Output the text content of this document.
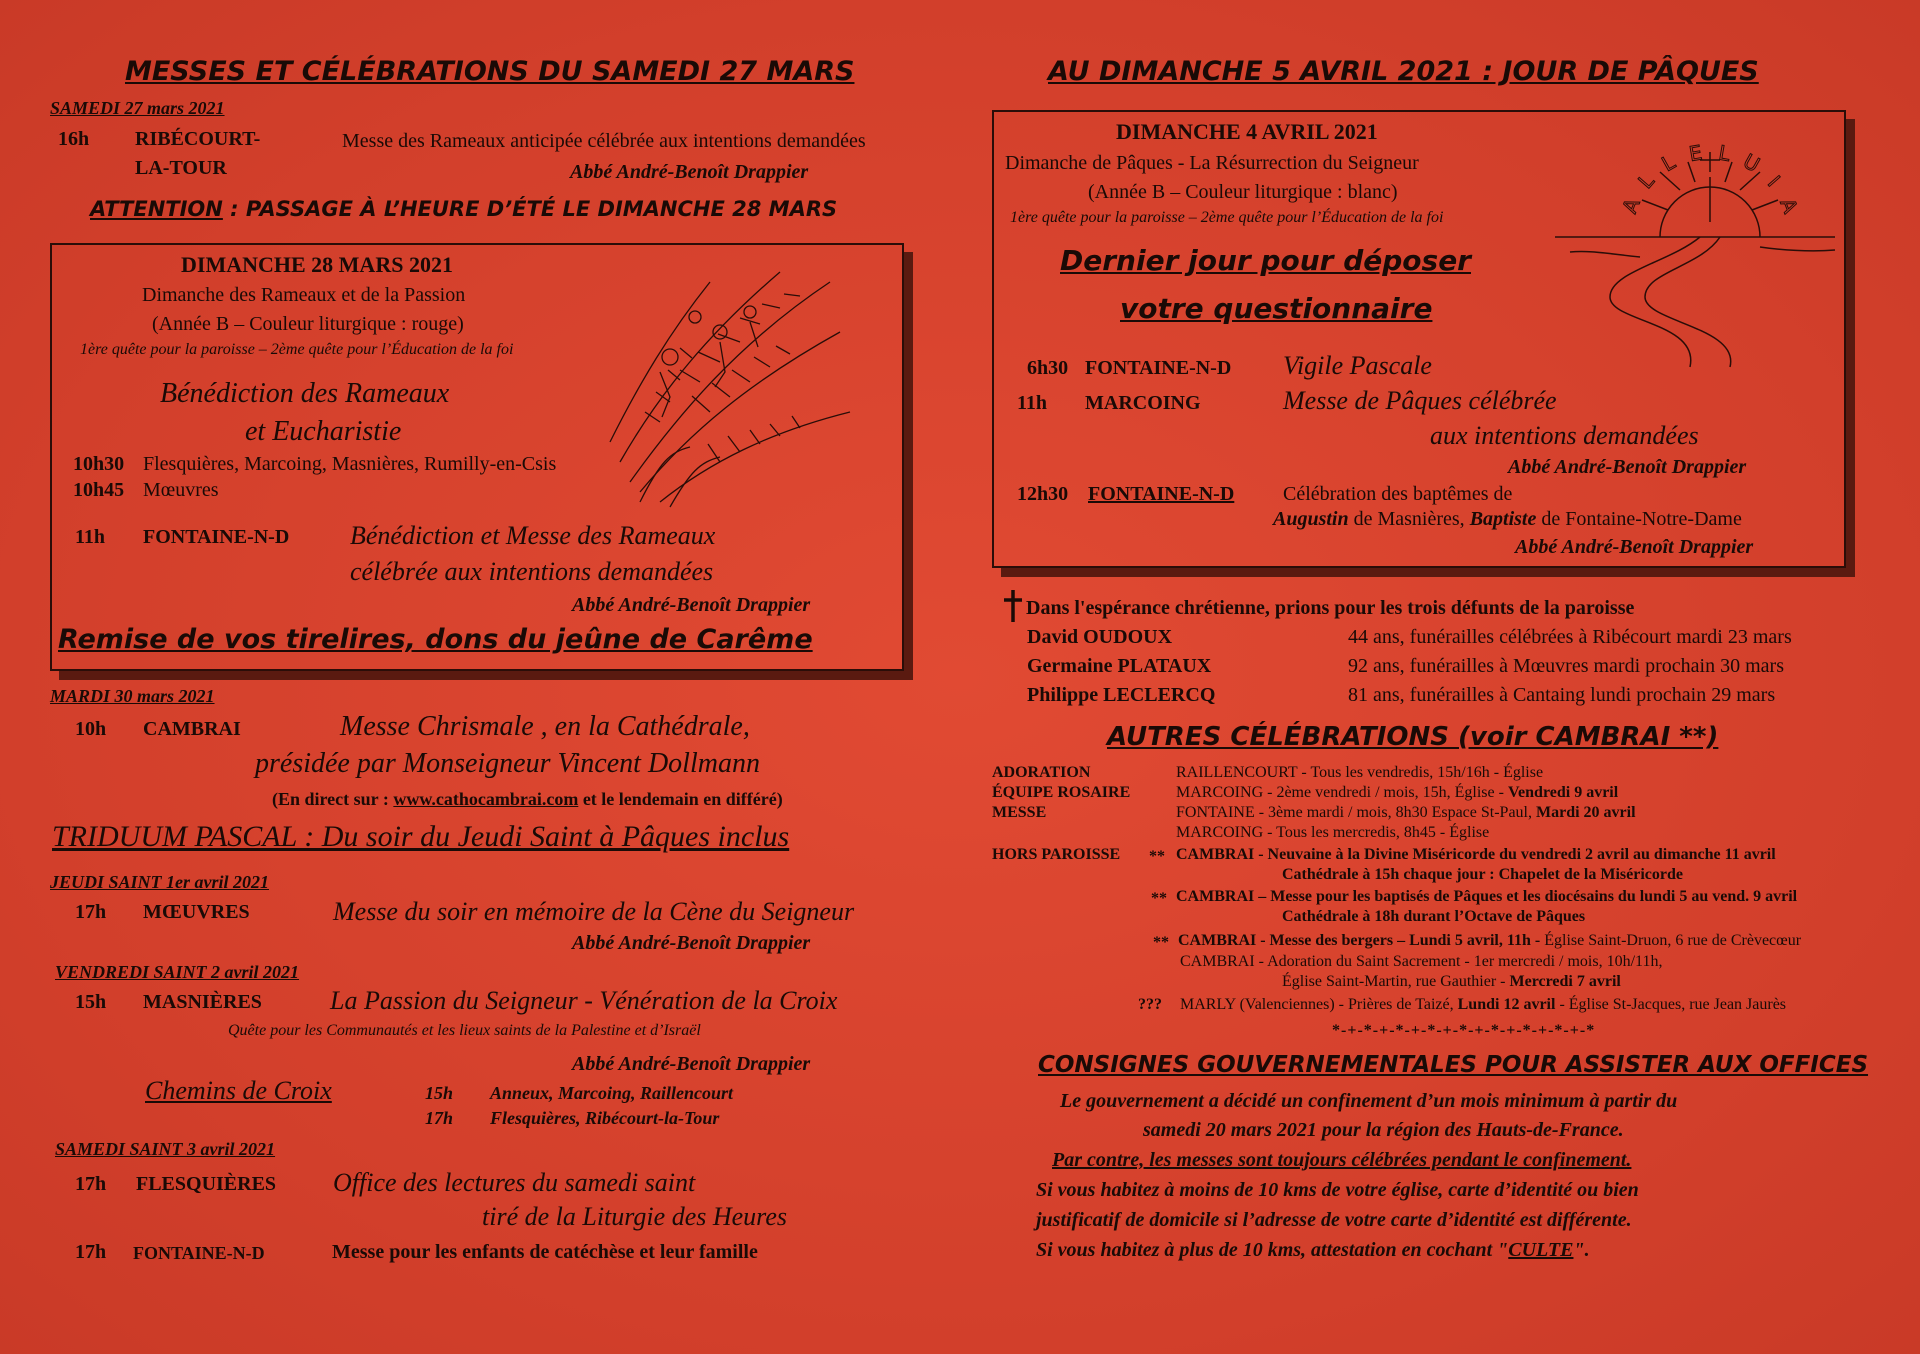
MESSES ET CÉLÉBRATIONS DU SAMEDI 27 MARS
SAMEDI 27 mars 2021
16h RIBÉCOURT-
LA-TOUR
Messe des Rameaux anticipée célébrée aux intentions demandées
Abbé André-Benoît Drappier
ATTENTION : PASSAGE À L’HEURE D’ÉTÉ LE DIMANCHE 28 MARS
DIMANCHE 28 MARS 2021
Dimanche des Rameaux et de la Passion
(Année B – Couleur liturgique : rouge)
1ère quête pour la paroisse – 2ème quête pour l’Éducation de la foi
Bénédiction des Rameaux
et Eucharistie
10h30 Flesquières, Marcoing, Masnières, Rumilly-en-Csis
10h45 Mœuvres
11h FONTAINE-N-D Bénédiction et Messe des Rameaux
célébrée aux intentions demandées
Abbé André-Benoît Drappier
Remise de vos tirelires, dons du jeûne de Carême
MARDI 30 mars 2021
10h CAMBRAI	Messe Chrismale , en la Cathédrale,
présidée par Monseigneur Vincent Dollmann
(En direct sur : www.cathocambrai.com et le lendemain en différé)
TRIDUUM PASCAL : Du soir du Jeudi Saint à Pâques inclus
JEUDI SAINT 1er avril 2021
17h MŒUVRES	Messe du soir en mémoire de la Cène du Seigneur
Abbé André-Benoît Drappier
VENDREDI SAINT 2 avril 2021
15h MASNIÈRES	La Passion du Seigneur - Vénération de la Croix
Quête pour les Communautés et les lieux saints de la Palestine et d’Israël
Abbé André-Benoît Drappier
Chemins de Croix	15h Anneux, Marcoing, Raillencourt
17h Flesquières, Ribécourt-la-Tour
SAMEDI SAINT 3 avril 2021
17h FLESQUIÈRES Office des lectures du samedi saint
tiré de la Liturgie des Heures
17h FONTAINE-N-D	Messe pour les enfants de catéchèse et leur famille
AU DIMANCHE 5 AVRIL 2021 : JOUR DE PÂQUES
DIMANCHE 4 AVRIL 2021
Dimanche de Pâques - La Résurrection du Seigneur
(Année B – Couleur liturgique : blanc)
1ère quête pour la paroisse – 2ème quête pour l’Éducation de la foi
Dernier jour pour déposer
votre questionnaire
A
L
L E L U
I
A
6h30 FONTAINE-N-D Vigile Pascale
11h MARCOING	Messe de Pâques célébrée
aux intentions demandées
Abbé André-Benoît Drappier
12h30 FONTAINE-N-D Célébration des baptêmes de
Augustin de Masnières, Baptiste de Fontaine-Notre-Dame
Abbé André-Benoît Drappier
Dans l'espérance chrétienne, prions pour les trois défunts de la paroisse
David OUDOUX	44 ans, funérailles célébrées à Ribécourt mardi 23 mars
Germaine PLATAUX	92 ans, funérailles à Mœuvres mardi prochain 30 mars
Philippe LECLERCQ	81 ans, funérailles à Cantaing lundi prochain 29 mars
AUTRES CÉLÉBRATIONS (voir CAMBRAI **)
ADORATION	RAILLENCOURT - Tous les vendredis, 15h/16h - Église
ÉQUIPE ROSAIRE	MARCOING - 2ème vendredi / mois, 15h, Église - Vendredi 9 avril
MESSE	FONTAINE - 3ème mardi / mois, 8h30 Espace St-Paul, Mardi 20 avril
MARCOING - Tous les mercredis, 8h45 - Église
HORS PAROISSE ** CAMBRAI - Neuvaine à la Divine Miséricorde du vendredi 2 avril au dimanche 11 avril
Cathédrale à 15h chaque jour : Chapelet de la Miséricorde
** CAMBRAI – Messe pour les baptisés de Pâques et les diocésains du lundi 5 au vend. 9 avril
Cathédrale à 18h durant l’Octave de Pâques
** CAMBRAI - Messe des bergers – Lundi 5 avril, 11h - Église Saint-Druon, 6 rue de Crèvecœur
CAMBRAI - Adoration du Saint Sacrement - 1er mercredi / mois, 10h/11h,
Église Saint-Martin, rue Gauthier - Mercredi 7 avril
??? MARLY (Valenciennes) - Prières de Taizé, Lundi 12 avril - Église St-Jacques, rue Jean Jaurès
*-+-*-+-*-+-*-+-*-+-*-+-*-+-*-+-*
CONSIGNES GOUVERNEMENTALES POUR ASSISTER AUX OFFICES
Le gouvernement a décidé un confinement d’un mois minimum à partir du
samedi 20 mars 2021 pour la région des Hauts-de-France.
Par contre, les messes sont toujours célébrées pendant le confinement.
Si vous habitez à moins de 10 kms de votre église, carte d’identité ou bien
justificatif de domicile si l’adresse de votre carte d’identité est différente.
Si vous habitez à plus de 10 kms, attestation en cochant "CULTE".
